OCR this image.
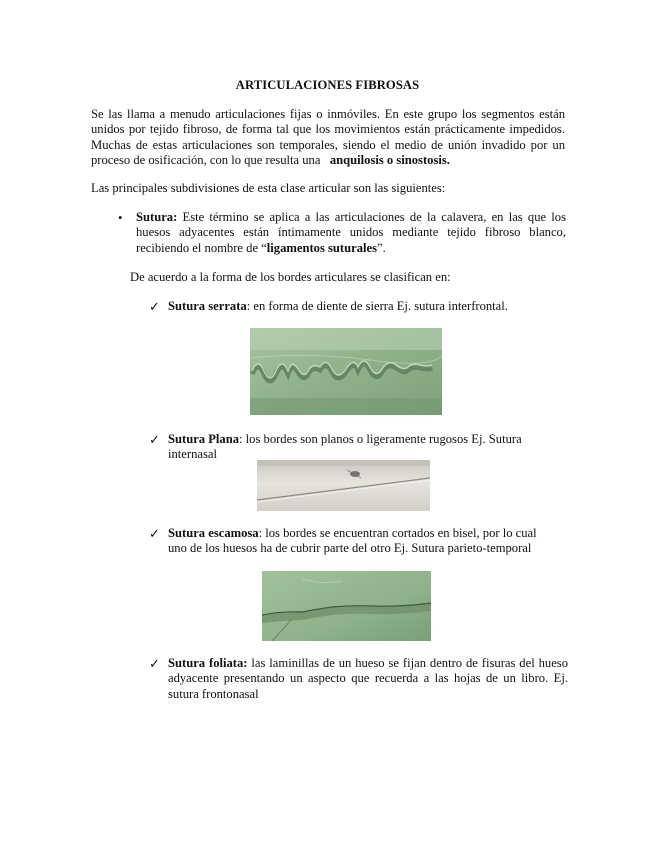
ARTICULACIONES FIBROSAS
Se las llama a menudo articulaciones fijas o inmóviles. En este grupo los segmentos están
unidos por tejido fibroso, de forma tal que los movimientos están prácticamente impedidos.
Muchas de estas articulaciones son temporales, siendo el medio de unión invadido por un
proceso de osificación, con lo que resulta una   anquilosis o sinostosis.
Las principales subdivisiones de esta clase articular son las siguientes:
• Sutura: Este término se aplica a las articulaciones de la calavera, en las que los
huesos adyacentes están íntimamente unidos mediante tejido fibroso blanco,
recibiendo el nombre de “ligamentos suturales”.
De acuerdo a la forma de los bordes articulares se clasifican en:
✓ Sutura serrata: en forma de diente de sierra Ej. sutura interfrontal.
✓ Sutura Plana: los bordes son planos o ligeramente rugosos Ej. Sutura
internasal
✓ Sutura escamosa: los bordes se encuentran cortados en bisel, por lo cual
uno de los huesos ha de cubrir parte del otro Ej. Sutura parieto-temporal
✓ Sutura foliata: las laminillas de un hueso se fijan dentro de fisuras del hueso
adyacente presentando un aspecto que recuerda a las hojas de un libro. Ej.
sutura frontonasal
